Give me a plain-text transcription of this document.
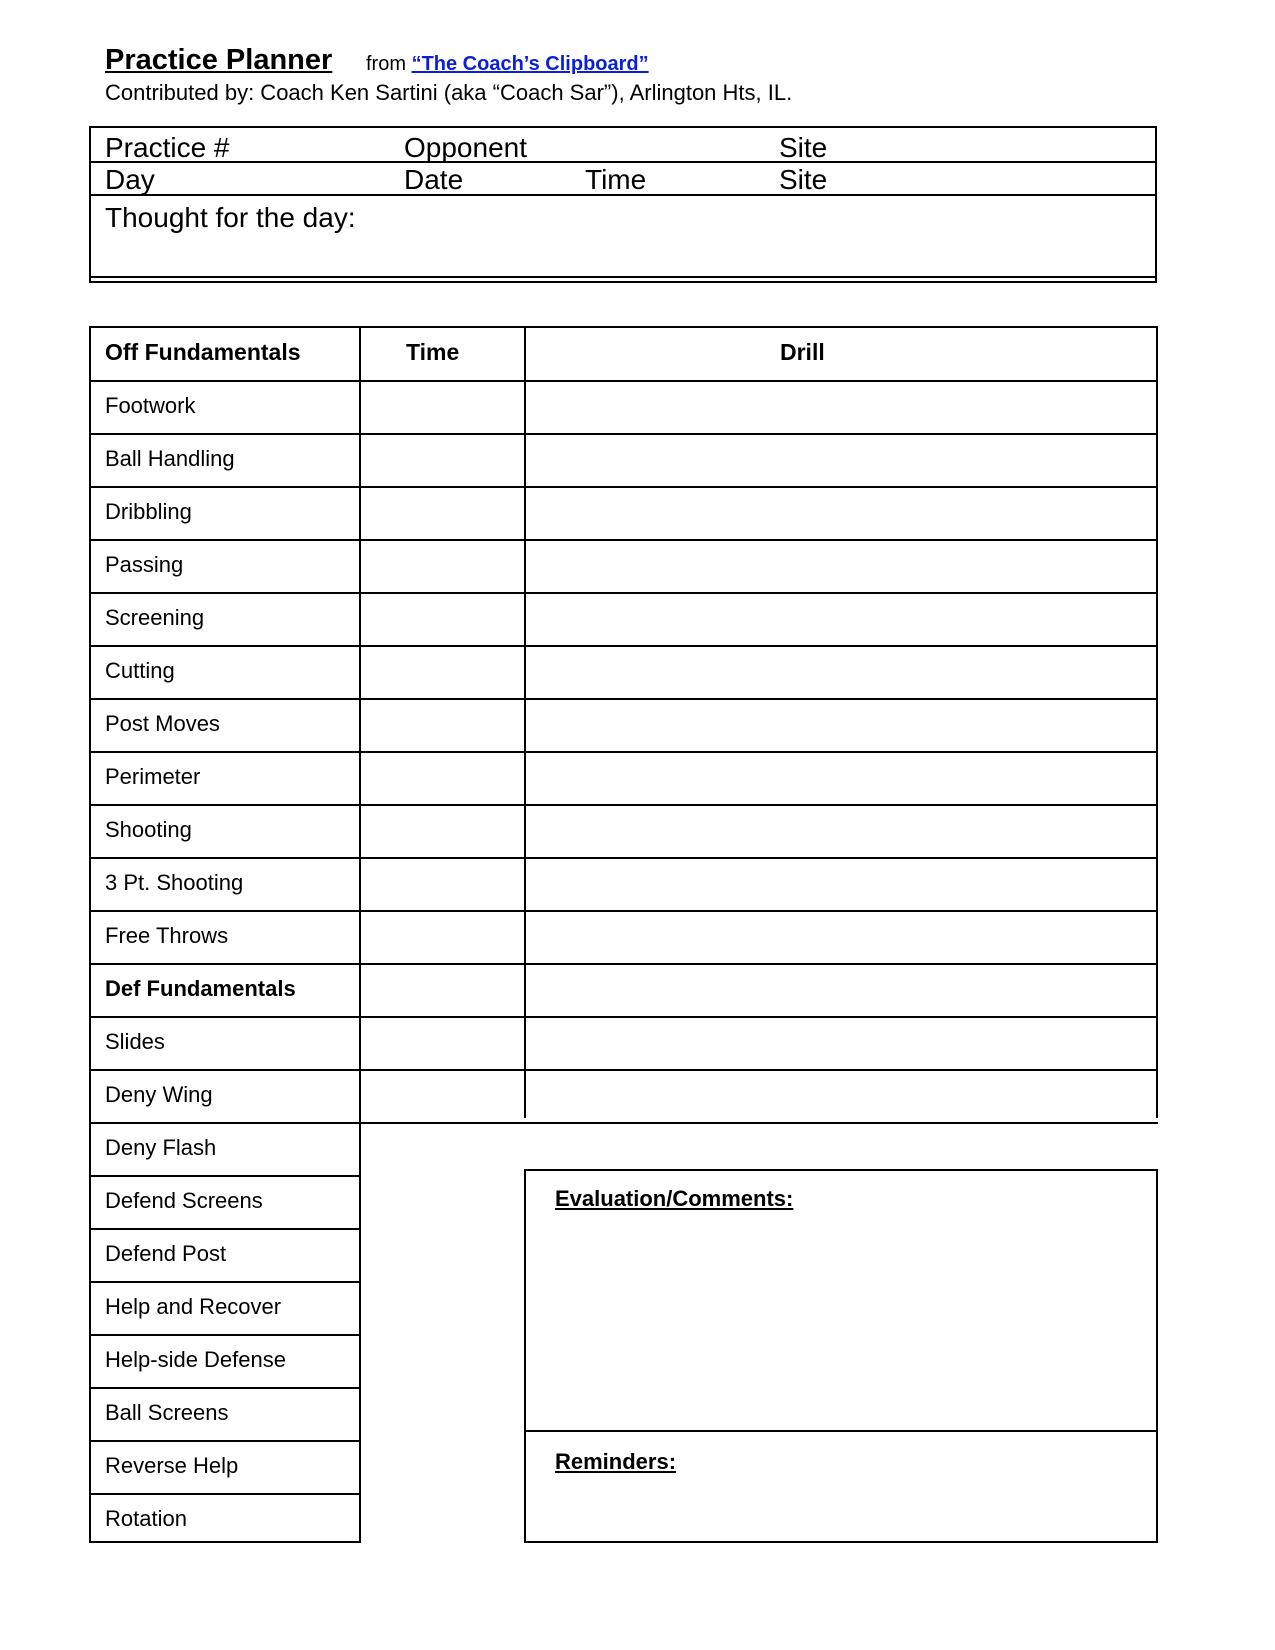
Practice Planner from “The Coach’s Clipboard”
Contributed by: Coach Ken Sartini (aka “Coach Sar”), Arlington Hts, IL.
Practice #	Opponent	Site
Day	Date	Time	Site
Thought for the day:
Off Fundamentals	Time	Drill
Footwork
Ball Handling
Dribbling
Passing
Screening
Cutting
Post Moves
Perimeter
Shooting
3 Pt. Shooting
Free Throws
Def Fundamentals
Slides
Deny Wing
Deny Flash
Defend Screens
Defend Post
Help and Recover
Help-side Defense
Ball Screens
Reverse Help
Rotation
Evaluation/Comments:
Reminders:
